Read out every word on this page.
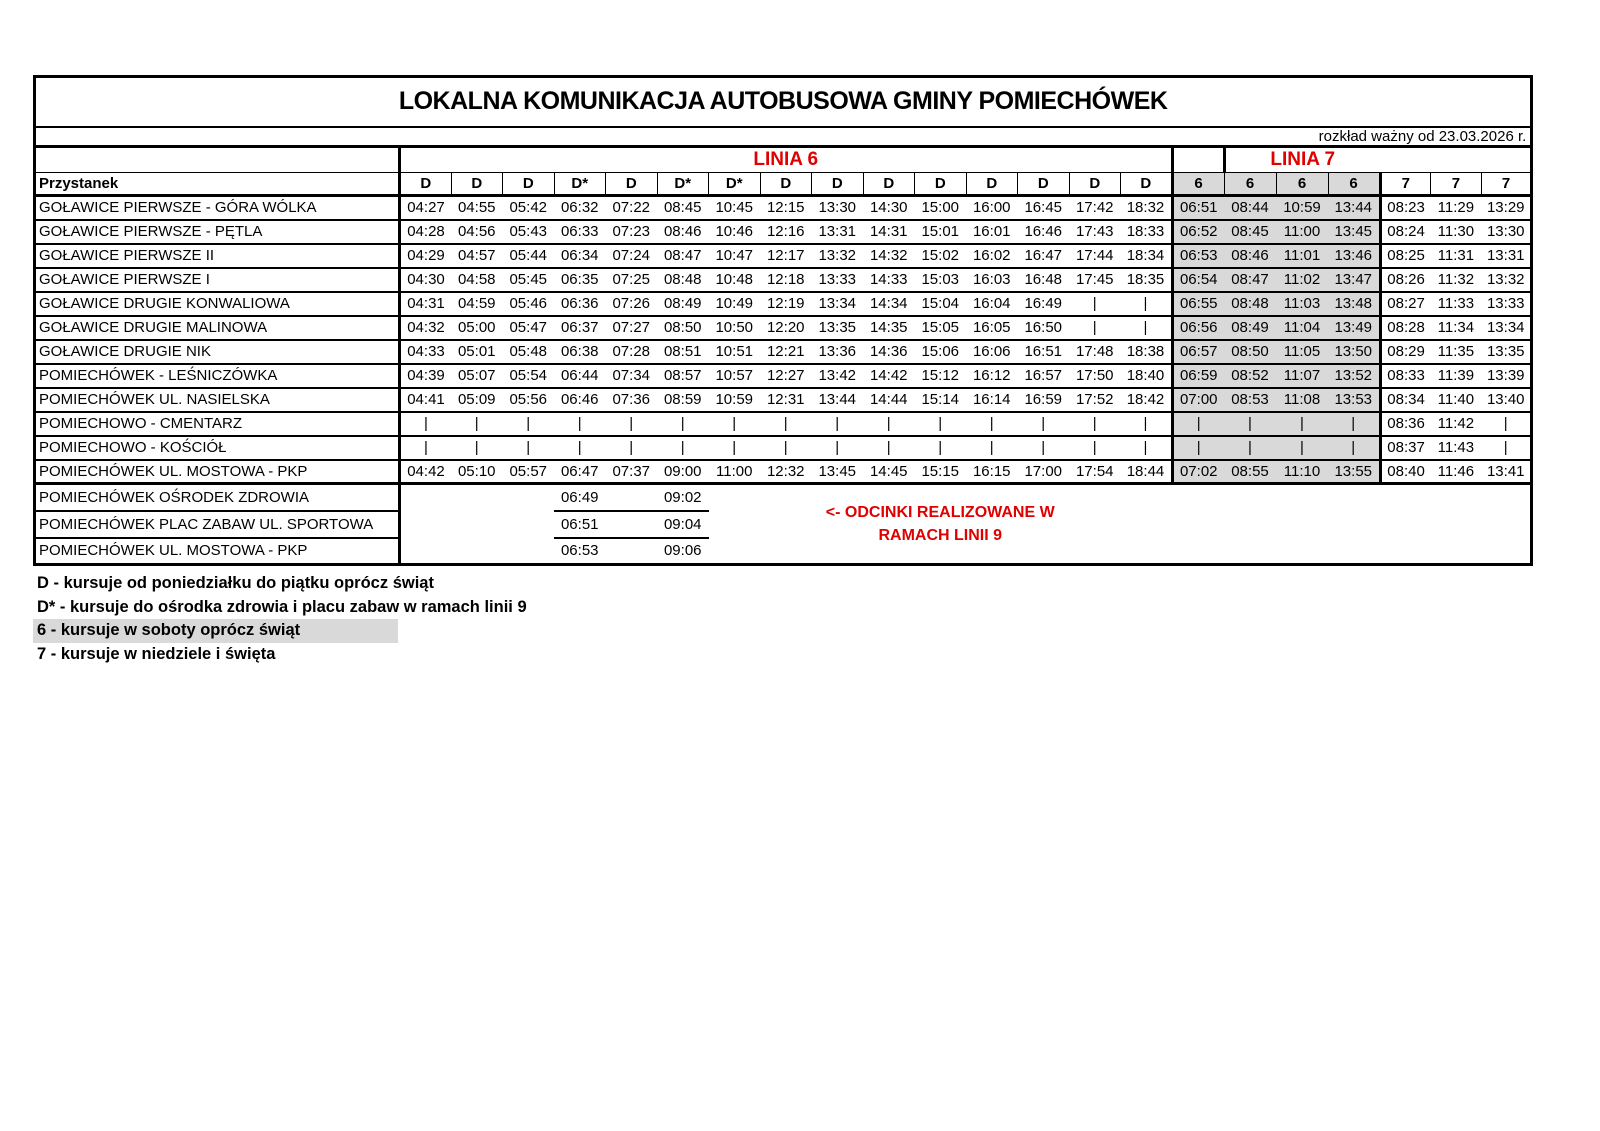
LOKALNA KOMUNIKACJA AUTOBUSOWA GMINY POMIECHÓWEK																						
rozkład ważny od 23.03.2026 r.																						
	LINIA 6																LINIA 7					
Przystanek	D	D	D	D*	D	D*	D*	D	D	D	D	D	D	D	D	6	6	6	6	7	7	7
GOŁAWICE PIERWSZE - GÓRA WÓLKA	04:27	04:55	05:42	06:32	07:22	08:45	10:45	12:15	13:30	14:30	15:00	16:00	16:45	17:42	18:32	06:51	08:44	10:59	13:44	08:23	11:29	13:29
GOŁAWICE PIERWSZE - PĘTLA	04:28	04:56	05:43	06:33	07:23	08:46	10:46	12:16	13:31	14:31	15:01	16:01	16:46	17:43	18:33	06:52	08:45	11:00	13:45	08:24	11:30	13:30
GOŁAWICE PIERWSZE II	04:29	04:57	05:44	06:34	07:24	08:47	10:47	12:17	13:32	14:32	15:02	16:02	16:47	17:44	18:34	06:53	08:46	11:01	13:46	08:25	11:31	13:31
GOŁAWICE PIERWSZE I	04:30	04:58	05:45	06:35	07:25	08:48	10:48	12:18	13:33	14:33	15:03	16:03	16:48	17:45	18:35	06:54	08:47	11:02	13:47	08:26	11:32	13:32
GOŁAWICE DRUGIE KONWALIOWA	04:31	04:59	05:46	06:36	07:26	08:49	10:49	12:19	13:34	14:34	15:04	16:04	16:49	|	|	06:55	08:48	11:03	13:48	08:27	11:33	13:33
GOŁAWICE DRUGIE MALINOWA	04:32	05:00	05:47	06:37	07:27	08:50	10:50	12:20	13:35	14:35	15:05	16:05	16:50	|	|	06:56	08:49	11:04	13:49	08:28	11:34	13:34
GOŁAWICE DRUGIE NIK	04:33	05:01	05:48	06:38	07:28	08:51	10:51	12:21	13:36	14:36	15:06	16:06	16:51	17:48	18:38	06:57	08:50	11:05	13:50	08:29	11:35	13:35
POMIECHÓWEK - LEŚNICZÓWKA	04:39	05:07	05:54	06:44	07:34	08:57	10:57	12:27	13:42	14:42	15:12	16:12	16:57	17:50	18:40	06:59	08:52	11:07	13:52	08:33	11:39	13:39
POMIECHÓWEK UL. NASIELSKA	04:41	05:09	05:56	06:46	07:36	08:59	10:59	12:31	13:44	14:44	15:14	16:14	16:59	17:52	18:42	07:00	08:53	11:08	13:53	08:34	11:40	13:40
POMIECHOWO - CMENTARZ	|	|	|	|	|	|	|	|	|	|	|	|	|	|	|	|	|	|	|	08:36	11:42	|
POMIECHOWO - KOŚCIÓŁ	|	|	|	|	|	|	|	|	|	|	|	|	|	|	|	|	|	|	|	08:37	11:43	|
POMIECHÓWEK UL. MOSTOWA - PKP	04:42	05:10	05:57	06:47	07:37	09:00	11:00	12:32	13:45	14:45	15:15	16:15	17:00	17:54	18:44	07:02	08:55	11:10	13:55	08:40	11:46	13:41
POMIECHÓWEK OŚRODEK ZDROWIA				06:49		09:02	<- ODCINKI REALIZOWANE W
RAMACH LINII 9															

POMIECHÓWEK PLAC ZABAW UL. SPORTOWA				06:51		09:04																
POMIECHÓWEK UL. MOSTOWA - PKP				06:53		09:06																
D - kursuje od poniedziałku do piątku oprócz świąt
D* - kursuje do ośrodka zdrowia i placu zabaw w ramach linii 9
6 - kursuje w soboty oprócz świąt
7 - kursuje w niedziele i święta
